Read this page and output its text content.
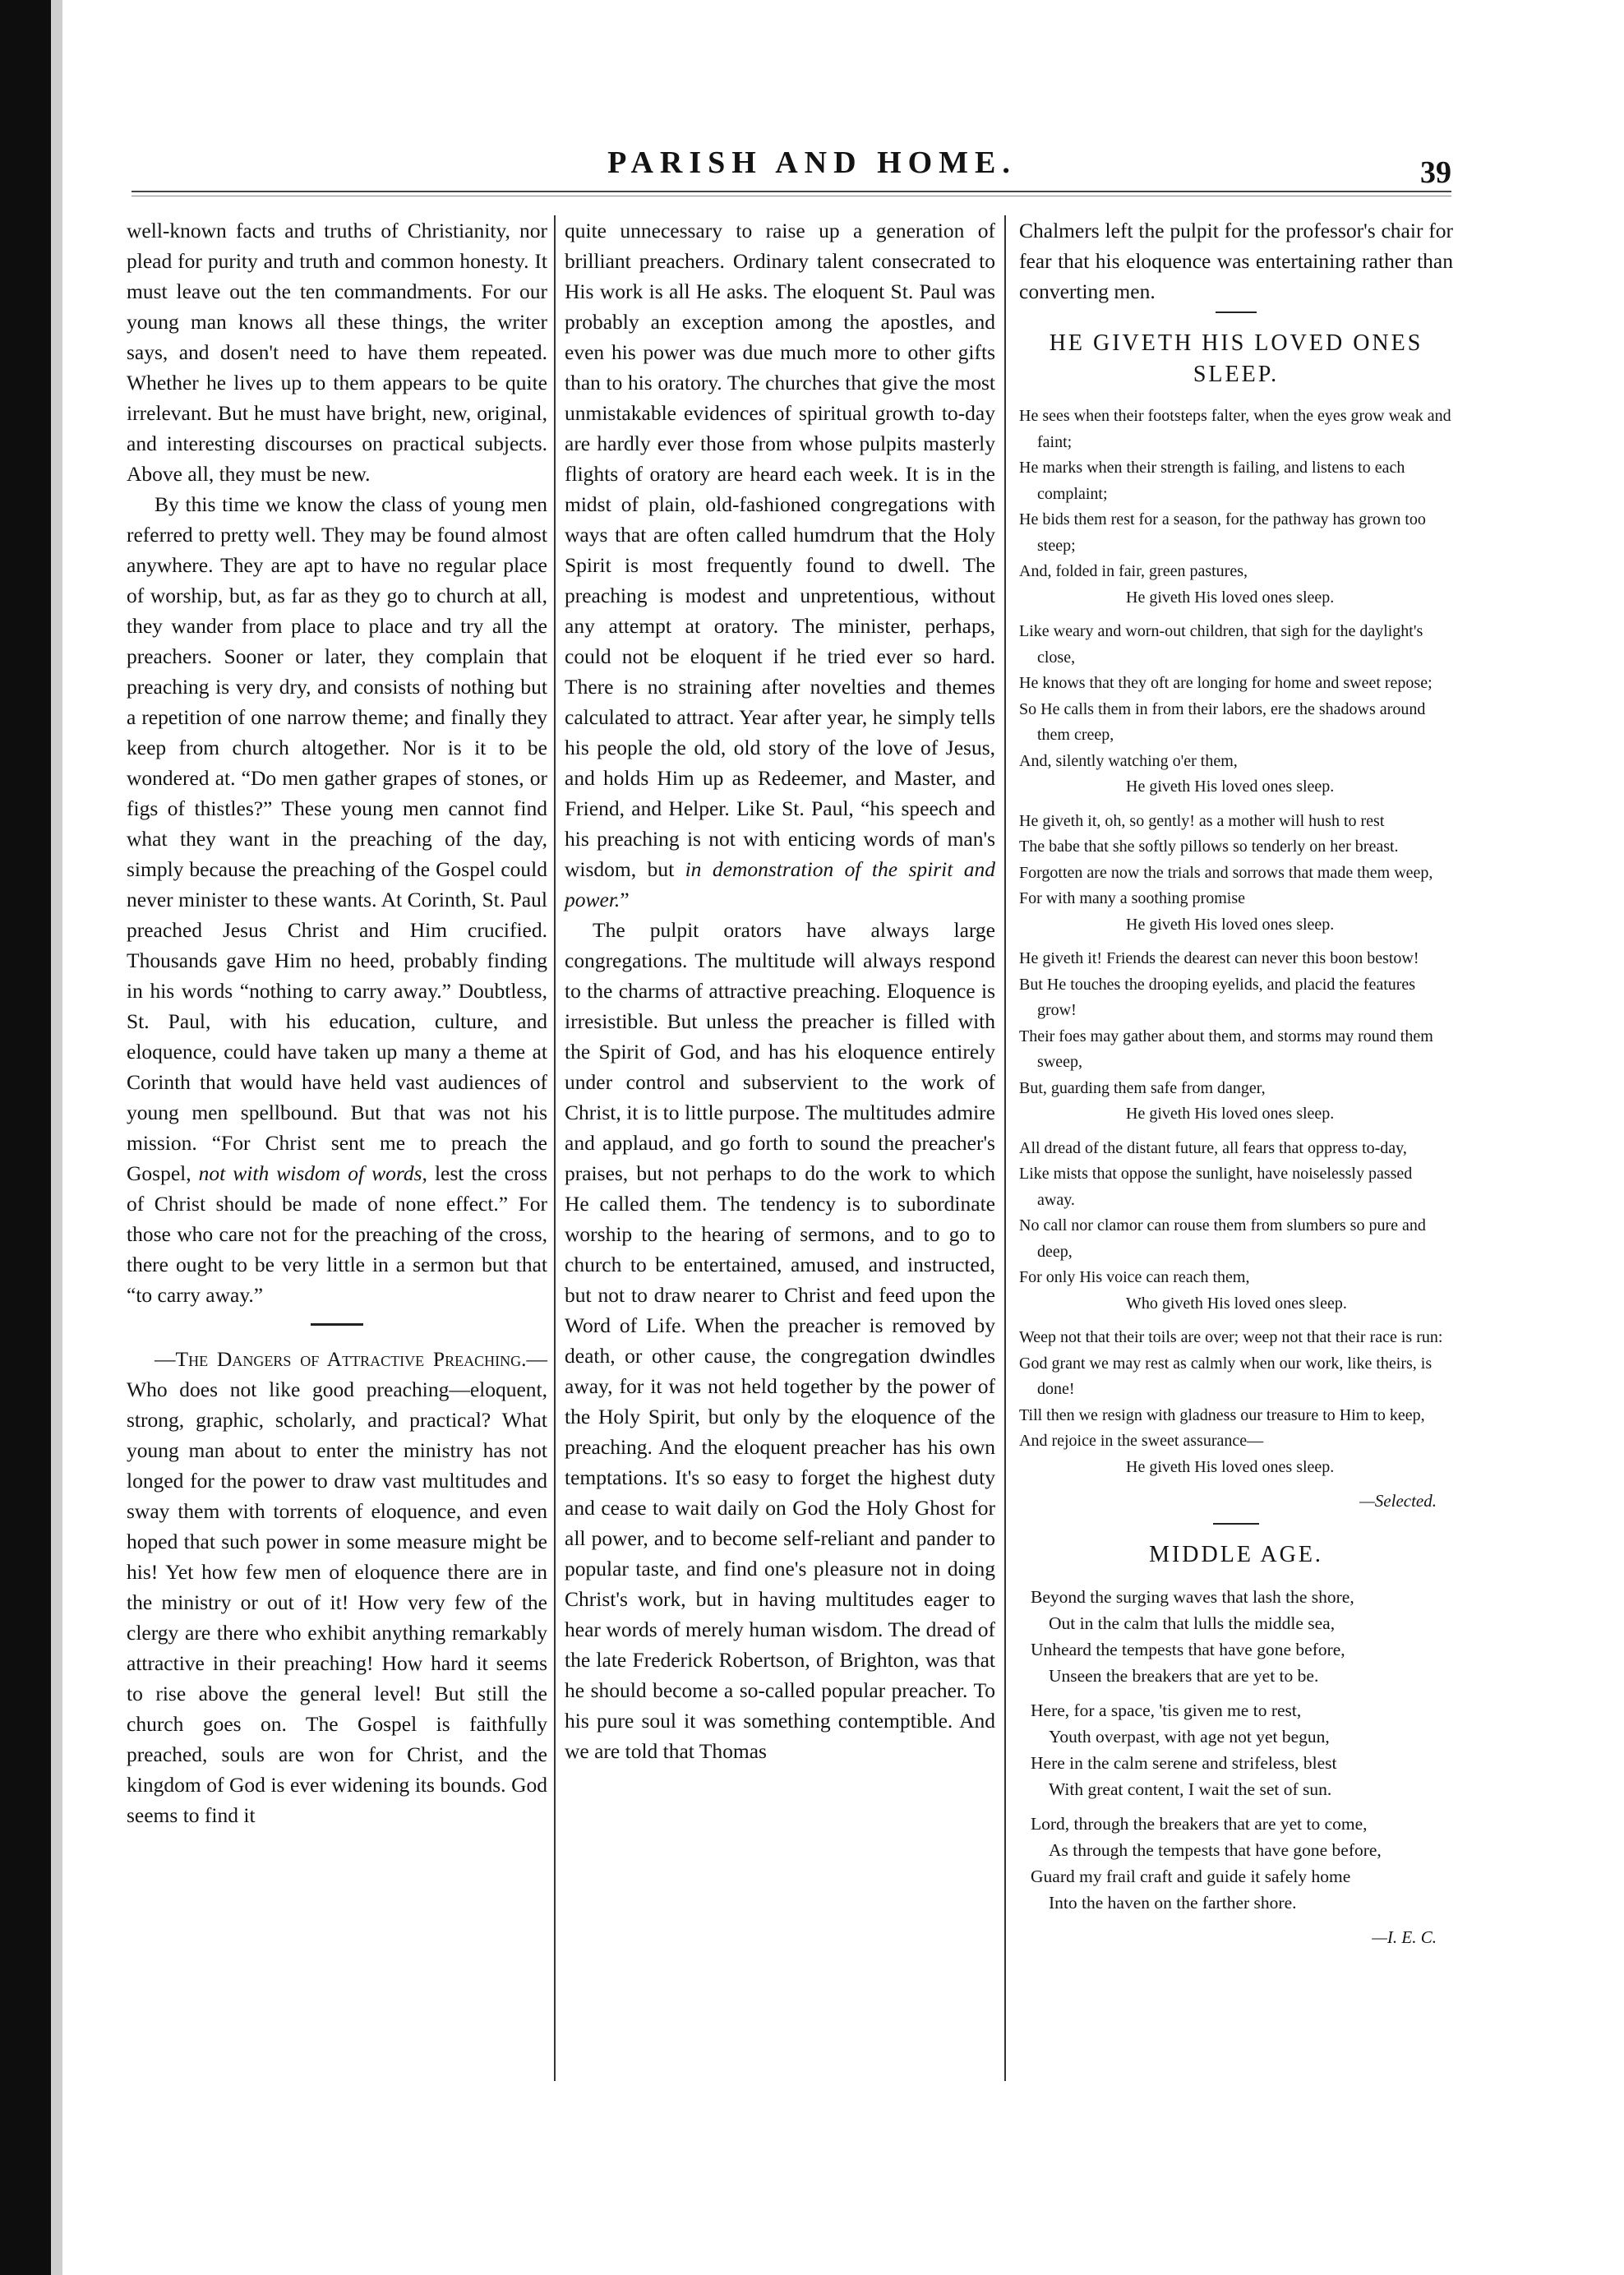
PARISH AND HOME.	39

well-known facts and truths of Christianity, nor plead for purity and truth and common honesty. It must leave out the ten commandments. For our young man knows all these things, the writer says, and dosen't need to have them repeated. Whether he lives up to them appears to be quite irrelevant. But he must have bright, new, original, and interesting discourses on practical subjects. Above all, they must be new.

By this time we know the class of young men referred to pretty well. They may be found almost anywhere. They are apt to have no regular place of worship, but, as far as they go to church at all, they wander from place to place and try all the preachers. Sooner or later, they complain that preaching is very dry, and consists of nothing but a repetition of one narrow theme; and finally they keep from church altogether. Nor is it to be wondered at. “Do men gather grapes of stones, or figs of thistles?” These young men cannot find what they want in the preaching of the day, simply because the preaching of the Gospel could never minister to these wants. At Corinth, St. Paul preached Jesus Christ and Him crucified. Thousands gave Him no heed, probably finding in his words “nothing to carry away.” Doubtless, St. Paul, with his education, culture, and eloquence, could have taken up many a theme at Corinth that would have held vast audiences of young men spellbound. But that was not his mission. “For Christ sent me to preach the Gospel, not with wisdom of words, lest the cross of Christ should be made of none effect.” For those who care not for the preaching of the cross, there ought to be very little in a sermon but that “to carry away.”

—The Dangers of Attractive Preaching.—Who does not like good preaching—eloquent, strong, graphic, scholarly, and practical? What young man about to enter the ministry has not longed for the power to draw vast multitudes and sway them with torrents of eloquence, and even hoped that such power in some measure might be his! Yet how few men of eloquence there are in the ministry or out of it! How very few of the clergy are there who exhibit anything remarkably attractive in their preaching! How hard it seems to rise above the general level! But still the church goes on. The Gospel is faithfully preached, souls are won for Christ, and the kingdom of God is ever widening its bounds. God seems to find it

quite unnecessary to raise up a generation of brilliant preachers. Ordinary talent consecrated to His work is all He asks. The eloquent St. Paul was probably an exception among the apostles, and even his power was due much more to other gifts than to his oratory. The churches that give the most unmistakable evidences of spiritual growth to-day are hardly ever those from whose pulpits masterly flights of oratory are heard each week. It is in the midst of plain, old-fashioned congregations with ways that are often called humdrum that the Holy Spirit is most frequently found to dwell. The preaching is modest and unpretentious, without any attempt at oratory. The minister, perhaps, could not be eloquent if he tried ever so hard. There is no straining after novelties and themes calculated to attract. Year after year, he simply tells his people the old, old story of the love of Jesus, and holds Him up as Redeemer, and Master, and Friend, and Helper. Like St. Paul, “his speech and his preaching is not with enticing words of man's wisdom, but in demonstration of the spirit and power.”

The pulpit orators have always large congregations. The multitude will always respond to the charms of attractive preaching. Eloquence is irresistible. But unless the preacher is filled with the Spirit of God, and has his eloquence entirely under control and subservient to the work of Christ, it is to little purpose. The multitudes admire and applaud, and go forth to sound the preacher's praises, but not perhaps to do the work to which He called them. The tendency is to subordinate worship to the hearing of sermons, and to go to church to be entertained, amused, and instructed, but not to draw nearer to Christ and feed upon the Word of Life. When the preacher is removed by death, or other cause, the congregation dwindles away, for it was not held together by the power of the Holy Spirit, but only by the eloquence of the preaching. And the eloquent preacher has his own temptations. It's so easy to forget the highest duty and cease to wait daily on God the Holy Ghost for all power, and to become self-reliant and pander to popular taste, and find one's pleasure not in doing Christ's work, but in having multitudes eager to hear words of merely human wisdom. The dread of the late Frederick Robertson, of Brighton, was that he should become a so-called popular preacher. To his pure soul it was something contemptible. And we are told that Thomas

Chalmers left the pulpit for the professor's chair for fear that his eloquence was entertaining rather than converting men.

HE GIVETH HIS LOVED ONES SLEEP.
He sees when their footsteps falter, when the eyes grow weak and faint;
He marks when their strength is failing, and listens to each complaint;
He bids them rest for a season, for the pathway has grown too steep;
And, folded in fair, green pastures,
He giveth His loved ones sleep.
Like weary and worn-out children, that sigh for the daylight's close,
He knows that they oft are longing for home and sweet repose;
So He calls them in from their labors, ere the shadows around them creep,
And, silently watching o'er them,
He giveth His loved ones sleep.
He giveth it, oh, so gently! as a mother will hush to rest
The babe that she softly pillows so tenderly on her breast.
Forgotten are now the trials and sorrows that made them weep,
For with many a soothing promise
He giveth His loved ones sleep.
He giveth it! Friends the dearest can never this boon bestow!
But He touches the drooping eyelids, and placid the features grow!
Their foes may gather about them, and storms may round them sweep,
But, guarding them safe from danger,
He giveth His loved ones sleep.
All dread of the distant future, all fears that oppress to-day,
Like mists that oppose the sunlight, have noiselessly passed away.
No call nor clamor can rouse them from slumbers so pure and deep,
For only His voice can reach them,
Who giveth His loved ones sleep.
Weep not that their toils are over; weep not that their race is run:
God grant we may rest as calmly when our work, like theirs, is done!
Till then we resign with gladness our treasure to Him to keep,
And rejoice in the sweet assurance—
He giveth His loved ones sleep.
—Selected.
MIDDLE AGE.
Beyond the surging waves that lash the shore,
Out in the calm that lulls the middle sea,
Unheard the tempests that have gone before,
Unseen the breakers that are yet to be.
Here, for a space, 'tis given me to rest,
Youth overpast, with age not yet begun,
Here in the calm serene and strifeless, blest
With great content, I wait the set of sun.
Lord, through the breakers that are yet to come,
As through the tempests that have gone before,
Guard my frail craft and guide it safely home
Into the haven on the farther shore.
—I. E. C.
